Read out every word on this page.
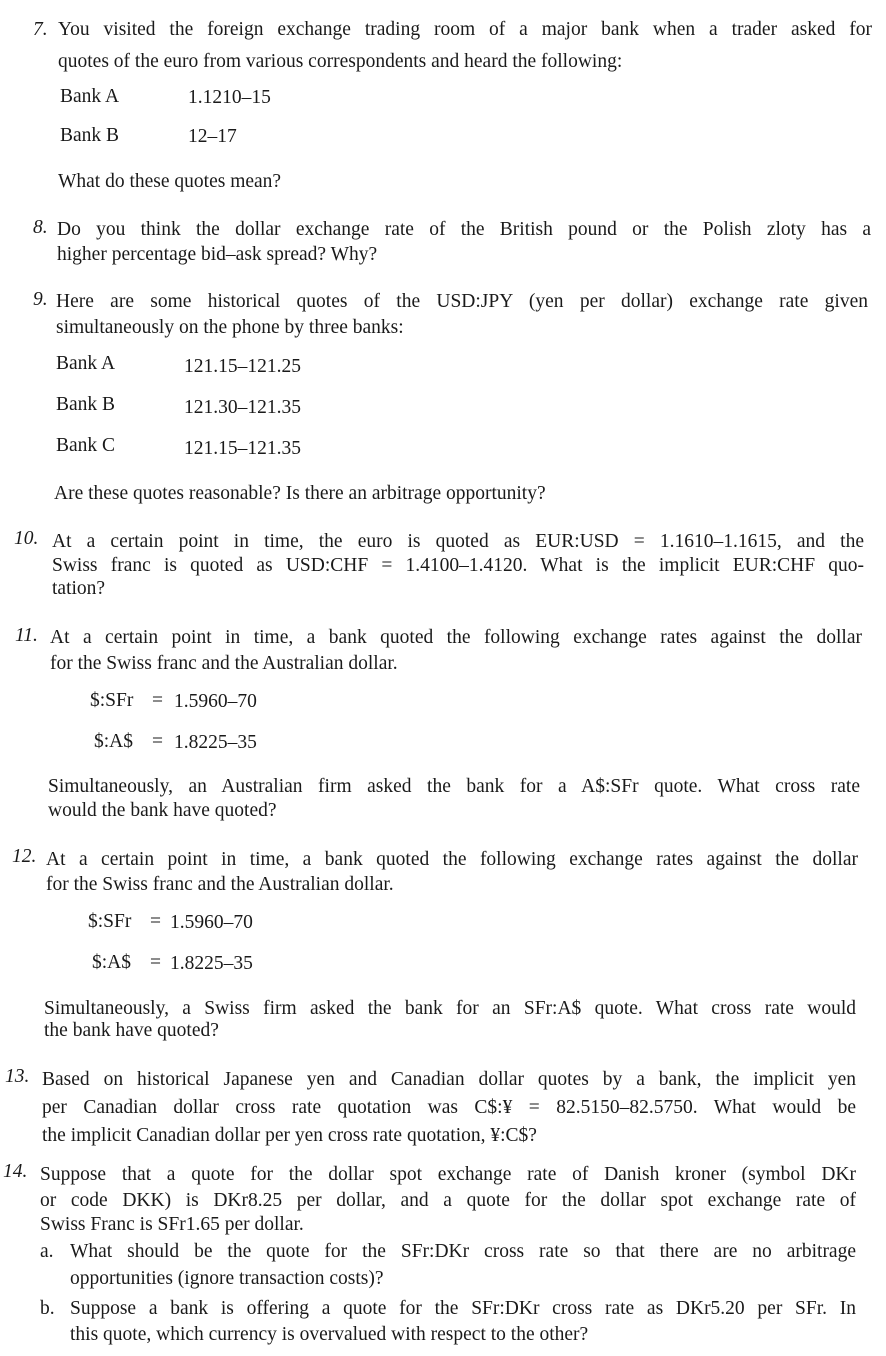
7. You visited the foreign exchange trading room of a major bank when a trader asked for
quotes of the euro from various correspondents and heard the following:
Bank A	1.1210–15
Bank B	12–17
What do these quotes mean?
8. Do you think the dollar exchange rate of the British pound or the Polish zloty has a
higher percentage bid–ask spread? Why?
9. Here are some historical quotes of the USD:JPY (yen per dollar) exchange rate given
simultaneously on the phone by three banks:
Bank A	121.15–121.25
Bank B	121.30–121.35
Bank C	121.15–121.35
Are these quotes reasonable? Is there an arbitrage opportunity?
10. At a certain point in time, the euro is quoted as EUR:USD = 1.1610–1.1615, and the
Swiss franc is quoted as USD:CHF = 1.4100–1.4120. What is the implicit EUR:CHF quo-
tation?
11. At a certain point in time, a bank quoted the following exchange rates against the dollar
for the Swiss franc and the Australian dollar.
$:SFr = 1.5960–70
$:A$ = 1.8225–35
Simultaneously, an Australian firm asked the bank for a A$:SFr quote. What cross rate
would the bank have quoted?
12. At a certain point in time, a bank quoted the following exchange rates against the dollar
for the Swiss franc and the Australian dollar.
$:SFr = 1.5960–70
$:A$ = 1.8225–35
Simultaneously, a Swiss firm asked the bank for an SFr:A$ quote. What cross rate would
the bank have quoted?
13. Based on historical Japanese yen and Canadian dollar quotes by a bank, the implicit yen
per Canadian dollar cross rate quotation was C$:¥ = 82.5150–82.5750. What would be
the implicit Canadian dollar per yen cross rate quotation, ¥:C$?
14. Suppose that a quote for the dollar spot exchange rate of Danish kroner (symbol DKr
or code DKK) is DKr8.25 per dollar, and a quote for the dollar spot exchange rate of
Swiss Franc is SFr1.65 per dollar.
a. What should be the quote for the SFr:DKr cross rate so that there are no arbitrage
opportunities (ignore transaction costs)?
b. Suppose a bank is offering a quote for the SFr:DKr cross rate as DKr5.20 per SFr. In
this quote, which currency is overvalued with respect to the other?
